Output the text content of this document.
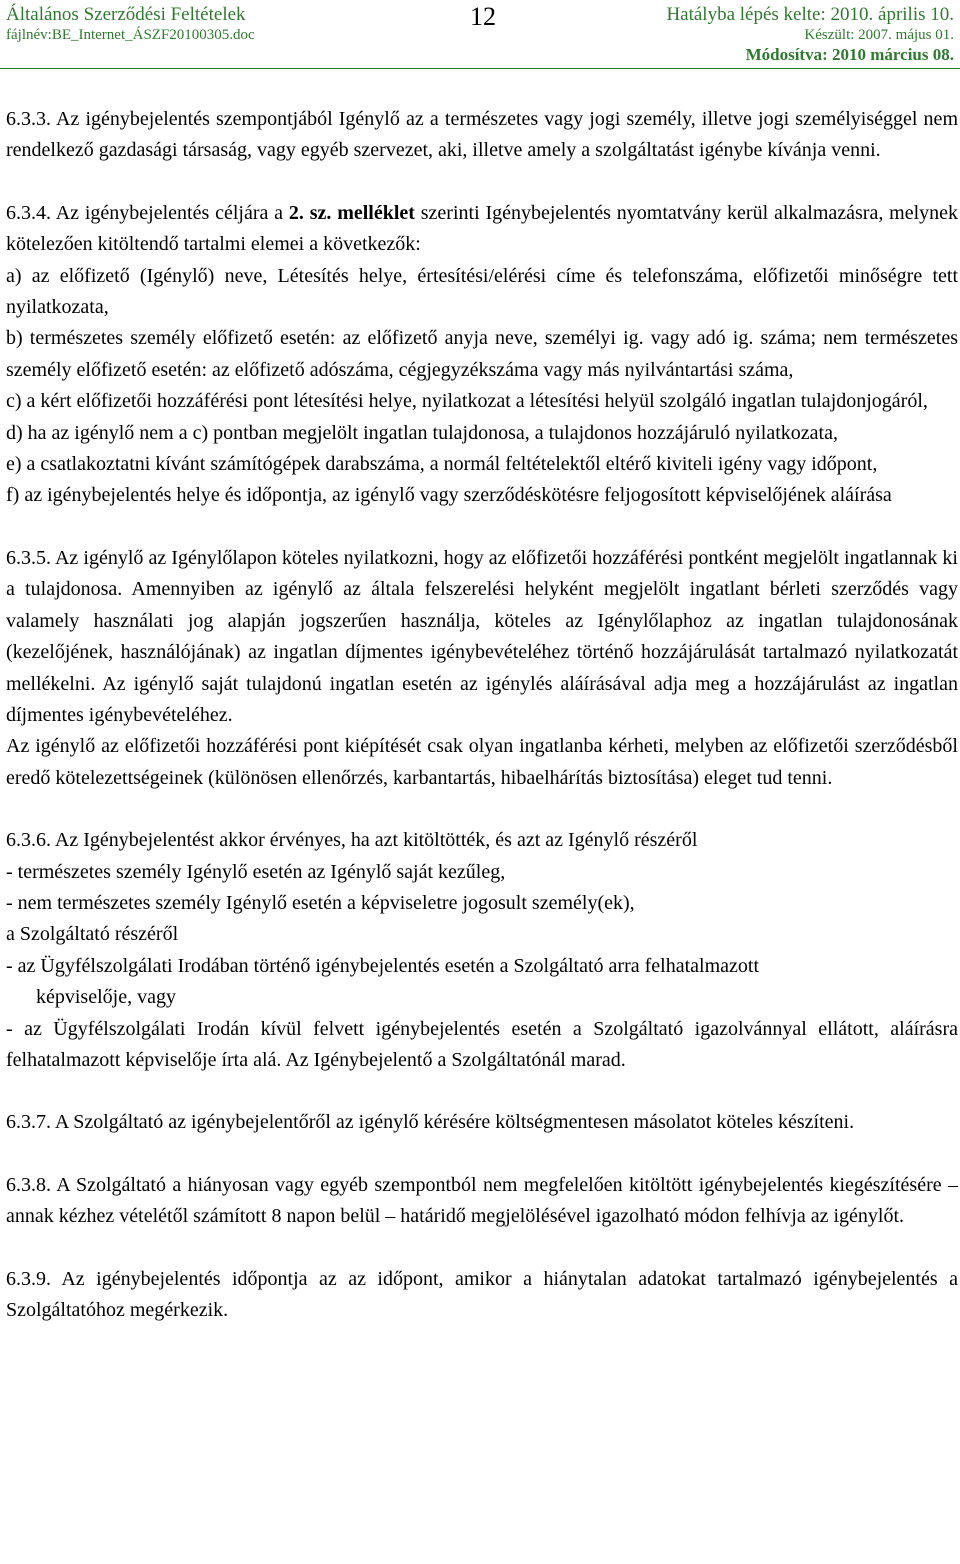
Általános Szerződési Feltételek
fájlnév:BE_Internet_ÁSZF20100305.doc
12	Hatályba lépés kelte: 2010. április 10.
Készült: 2007. május 01.
Módosítva: 2010 március 08.

6.3.3. Az igénybejelentés szempontjából Igénylő az a természetes vagy jogi személy, illetve jogi személyiséggel nem rendelkező gazdasági társaság, vagy egyéb szervezet, aki, illetve amely a szolgáltatást igénybe kívánja venni.

6.3.4. Az igénybejelentés céljára a 2. sz. melléklet szerinti Igénybejelentés nyomtatvány kerül alkalmazásra, melynek kötelezően kitöltendő tartalmi elemei a következők:

a) az előfizető (Igénylő) neve, Létesítés helye, értesítési/elérési címe és telefonszáma, előfizetői minőségre tett nyilatkozata,

b) természetes személy előfizető esetén: az előfizető anyja neve, személyi ig. vagy adó ig. száma; nem természetes személy előfizető esetén: az előfizető adószáma, cégjegyzékszáma vagy más nyilvántartási száma,

c) a kért előfizetői hozzáférési pont létesítési helye, nyilatkozat a létesítési helyül szolgáló ingatlan tulajdonjogáról,

d) ha az igénylő nem a c) pontban megjelölt ingatlan tulajdonosa, a tulajdonos hozzájáruló nyilatkozata,

e) a csatlakoztatni kívánt számítógépek darabszáma, a normál feltételektől eltérő kiviteli igény vagy időpont,

f) az igénybejelentés helye és időpontja, az igénylő vagy szerződéskötésre feljogosított képviselőjének aláírása

6.3.5. Az igénylő az Igénylőlapon köteles nyilatkozni, hogy az előfizetői hozzáférési pontként megjelölt ingatlannak ki a tulajdonosa. Amennyiben az igénylő az általa felszerelési helyként megjelölt ingatlant bérleti szerződés vagy valamely használati jog alapján jogszerűen használja, köteles az Igénylőlaphoz az ingatlan tulajdonosának (kezelőjének, használójának) az ingatlan díjmentes igénybevételéhez történő hozzájárulását tartalmazó nyilatkozatát mellékelni. Az igénylő saját tulajdonú ingatlan esetén az igénylés aláírásával adja meg a hozzájárulást az ingatlan díjmentes igénybevételéhez.

Az igénylő az előfizetői hozzáférési pont kiépítését csak olyan ingatlanba kérheti, melyben az előfizetői szerződésből eredő kötelezettségeinek (különösen ellenőrzés, karbantartás, hibaelhárítás biztosítása) eleget tud tenni.

6.3.6. Az Igénybejelentést akkor érvényes, ha azt kitöltötték, és azt az Igénylő részéről

- természetes személy Igénylő esetén az Igénylő saját kezűleg,

- nem természetes személy Igénylő esetén a képviseletre jogosult személy(ek),

a Szolgáltató részéről

- az Ügyfélszolgálati Irodában történő igénybejelentés esetén a Szolgáltató arra felhatalmazott

képviselője, vagy

- az Ügyfélszolgálati Irodán kívül felvett igénybejelentés esetén a Szolgáltató igazolvánnyal ellátott, aláírásra felhatalmazott képviselője írta alá. Az Igénybejelentő a Szolgáltatónál marad.

6.3.7. A Szolgáltató az igénybejelentőről az igénylő kérésére költségmentesen másolatot köteles készíteni.

6.3.8. A Szolgáltató a hiányosan vagy egyéb szempontból nem megfelelően kitöltött igénybejelentés kiegészítésére – annak kézhez vételétől számított 8 napon belül – határidő megjelölésével igazolható módon felhívja az igénylőt.

6.3.9. Az igénybejelentés időpontja az az időpont, amikor a hiánytalan adatokat tartalmazó igénybejelentés a Szolgáltatóhoz megérkezik.
